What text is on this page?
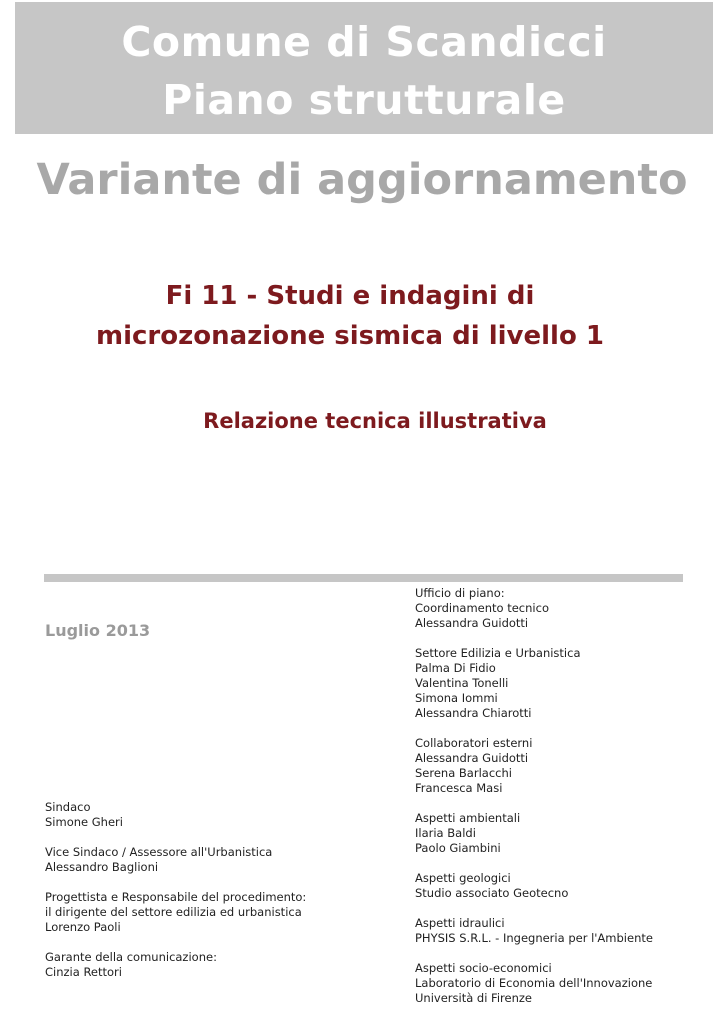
Comune di Scandicci
Piano strutturale
Variante di aggiornamento
Fi 11 - Studi e indagini di
microzonazione sismica di livello 1
Relazione tecnica illustrativa
Luglio 2013
Sindaco
Simone Gheri
Vice Sindaco / Assessore all'Urbanistica
Alessandro Baglioni
Progettista e Responsabile del procedimento:
il dirigente del settore edilizia ed urbanistica
Lorenzo Paoli
Garante della comunicazione:
Cinzia Rettori
Ufficio di piano:
Coordinamento tecnico
Alessandra Guidotti
Settore Edilizia e Urbanistica
Palma Di Fidio
Valentina Tonelli
Simona Iommi
Alessandra Chiarotti
Collaboratori esterni
Alessandra Guidotti
Serena Barlacchi
Francesca Masi
Aspetti ambientali
Ilaria Baldi
Paolo Giambini
Aspetti geologici
Studio associato Geotecno
Aspetti idraulici
PHYSIS S.R.L. - Ingegneria per l'Ambiente
Aspetti socio-economici
Laboratorio di Economia dell'Innovazione
Università di Firenze
